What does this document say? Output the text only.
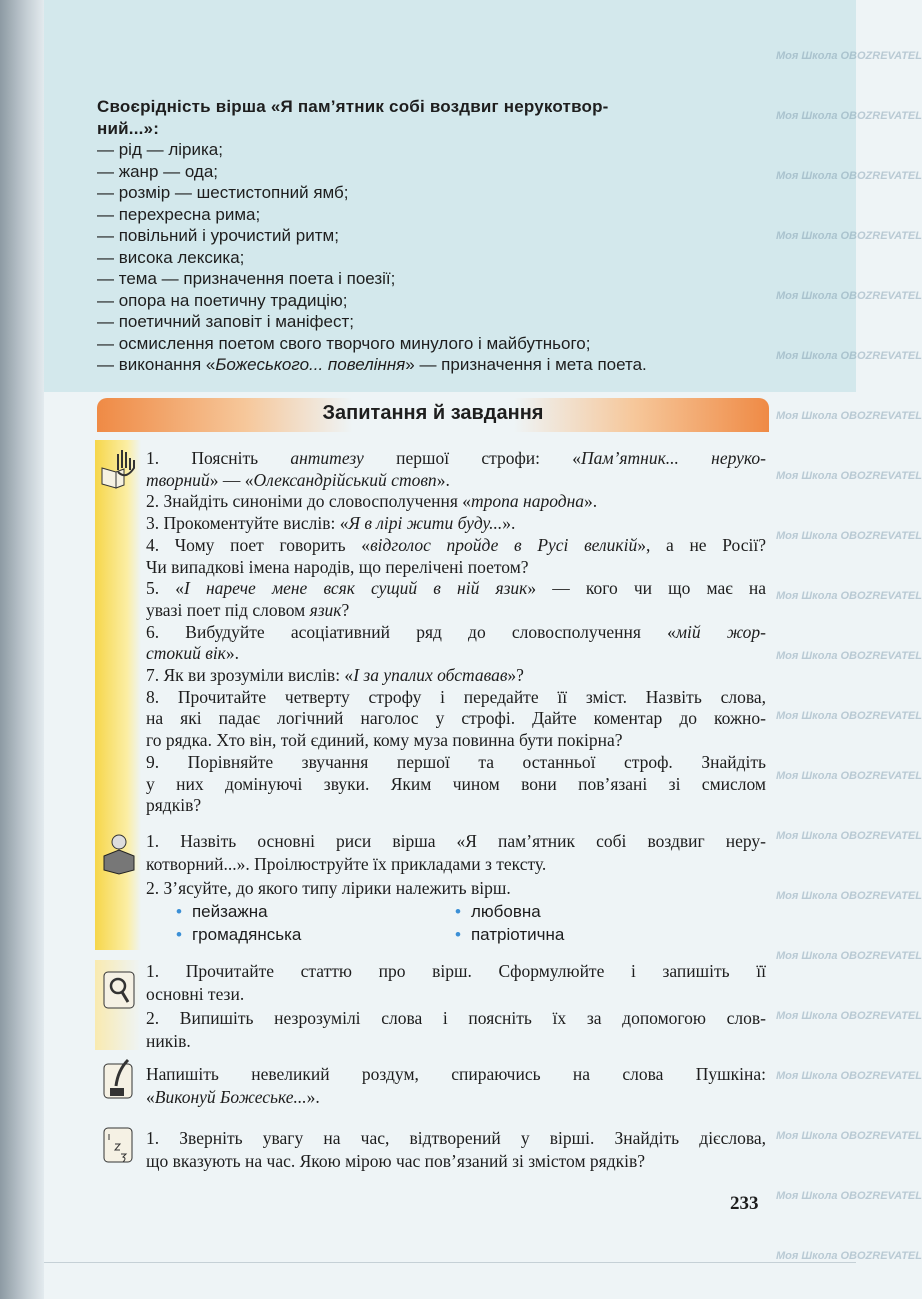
Моя Школа OBOZREVATEL
Моя Школа OBOZREVATEL
Моя Школа OBOZREVATEL
Моя Школа OBOZREVATEL
Моя Школа OBOZREVATEL
Моя Школа OBOZREVATEL
Моя Школа OBOZREVATEL
Моя Школа OBOZREVATEL
Моя Школа OBOZREVATEL
Моя Школа OBOZREVATEL
Моя Школа OBOZREVATEL
Моя Школа OBOZREVATEL
Моя Школа OBOZREVATEL
Моя Школа OBOZREVATEL
Моя Школа OBOZREVATEL
Моя Школа OBOZREVATEL
Моя Школа OBOZREVATEL
Моя Школа OBOZREVATEL
Моя Школа OBOZREVATEL
Моя Школа OBOZREVATEL
Моя Школа OBOZREVATEL
Своєрідність вірша «Я пам’ятник собі воздвиг нерукотвор-
ний...»:
— рід — лірика;
— жанр — ода;
— розмір — шестистопний ямб;
— перехресна рима;
— повільний і урочистий ритм;
— висока лексика;
— тема — призначення поета і поезії;
— опора на поетичну традицію;
— поетичний заповіт і маніфест;
— осмислення поетом свого творчого минулого і майбутнього;
— виконання «Божеського... повеління» — призначення і мета поета.
Запитання й завдання
1. Поясніть антитезу першої строфи: «Пам’ятник... неруко-
творний» — «Олександрійський стовп».
2. Знайдіть синоніми до словосполучення «тропа народна».
3. Прокоментуйте вислів: «Я в лірі жити буду...».
4. Чому поет говорить «відголос пройде в Русі великій», а не Росії?
Чи випадкові імена народів, що перелічені поетом?
5. «І нарече мене всяк сущий в ній язик» — кого чи що має на
увазі поет під словом язик?
6. Вибудуйте асоціативний ряд до словосполучення «мій жор-
стокий вік».
7. Як ви зрозуміли вислів: «І за упалих обставав»?
8. Прочитайте четверту строфу і передайте її зміст. Назвіть слова,
на які падає логічний наголос у строфі. Дайте коментар до кожно-
го рядка. Хто він, той єдиний, кому муза повинна бути покірна?
9. Порівняйте звучання першої та останньої строф. Знайдіть
у них домінуючі звуки. Яким чином вони пов’язані зі смислом
рядків?
1. Назвіть основні риси вірша «Я пам’ятник собі воздвиг неру-
котворний...». Проілюструйте їх прикладами з тексту.
2. З’ясуйте, до якого типу лірики належить вірш.
• пейзажна
• громадянська
• любовна
• патріотична
1. Прочитайте статтю про вірш. Сформулюйте і запишіть її
основні тези.
2. Випишіть незрозумілі слова і поясніть їх за допомогою слов-
ників.
Напишіть невеликий роздум, спираючись на слова Пушкіна:
«Виконуй Божеське...».
1. Зверніть увагу на час, відтворений у вірші. Знайдіть дієслова,
що вказують на час. Якою мірою час пов’язаний зі змістом рядків?
233
